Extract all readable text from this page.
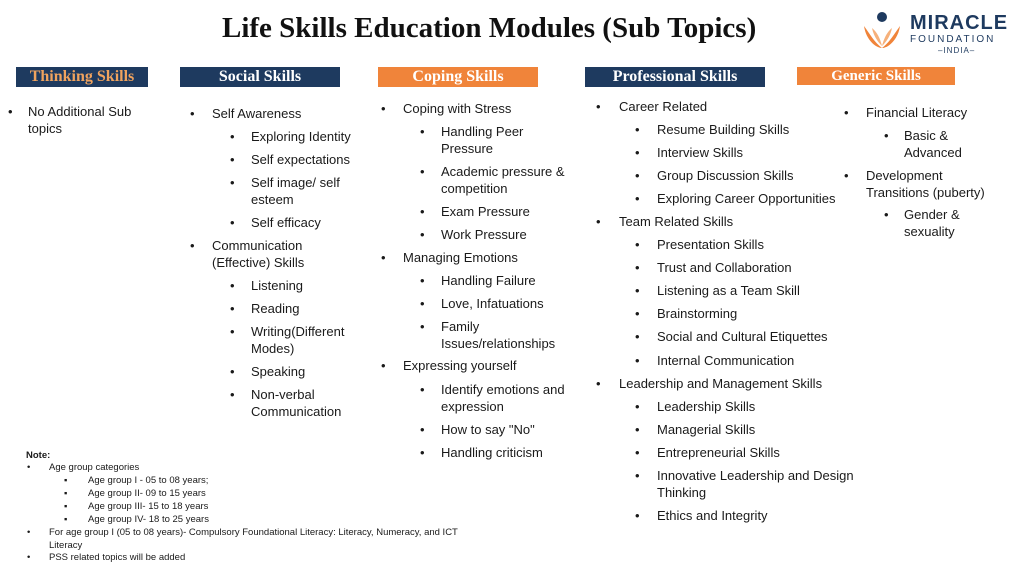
Life Skills Education Modules (Sub Topics)	MIRACLE
FOUNDATION
–INDIA–
Thinking Skills	Social Skills	Coping Skills	Professional Skills	Generic Skills
• No Additional Sub topics
• Self Awareness
• Exploring Identity
• Self expectations
• Self image/ self esteem
• Self efficacy
• Communication (Effective) Skills
• Listening
• Reading
• Writing(Different Modes)
• Speaking
• Non-verbal Communication
• Coping with Stress
• Handling Peer Pressure
• Academic pressure & competition
• Exam Pressure
• Work Pressure
• Managing Emotions
• Handling Failure
• Love, Infatuations
• Family Issues/relationships
• Expressing yourself
• Identify emotions and expression
• How to say "No"
• Handling criticism
• Career Related
• Resume Building Skills
• Interview Skills
• Group Discussion Skills
• Exploring Career Opportunities
• Team Related Skills
• Presentation Skills
• Trust and Collaboration
• Listening as a Team Skill
• Brainstorming
• Social and Cultural Etiquettes
• Internal Communication
• Leadership and Management Skills
• Leadership Skills
• Managerial Skills
• Entrepreneurial Skills
• Innovative Leadership and Design Thinking
• Ethics and Integrity
• Financial Literacy
• Basic & Advanced
• Development Transitions (puberty)
• Gender & sexuality
Note:
• Age group categories
▪ Age group I - 05 to 08 years;
▪ Age group II- 09 to 15 years
▪ Age group III- 15 to 18 years
▪ Age group IV- 18 to 25 years
• For age group I (05 to 08 years)- Compulsory Foundational Literacy: Literacy, Numeracy, and ICT Literacy
• PSS related topics will be added
